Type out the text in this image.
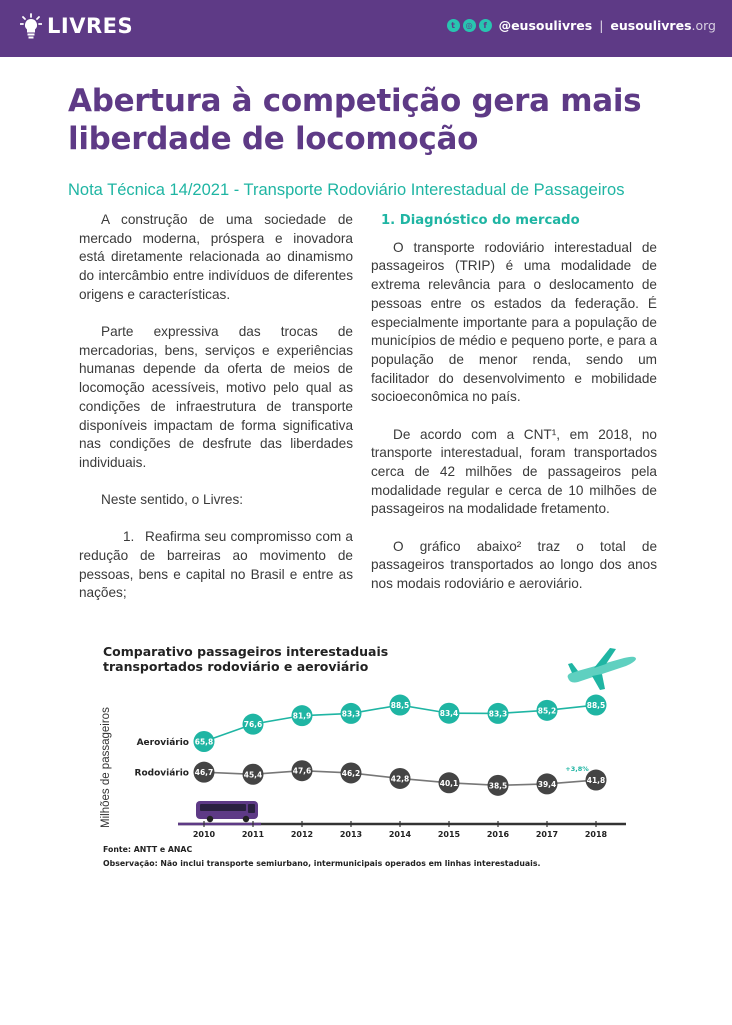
LIVRES	t	◎	f @eusoulivres | eusoulivres.org
Abertura à competição gera mais
liberdade de locomoção
Nota Técnica 14/2021 - Transporte Rodoviário Interestadual de Passageiros

A construção de uma sociedade de mercado moderna, próspera e inovadora está diretamente relacionada ao dinamismo do intercâmbio entre indivíduos de diferentes origens e características.

Parte expressiva das trocas de mercadorias, bens, serviços e experiências humanas depende da oferta de meios de locomoção acessíveis, motivo pelo qual as condições de infraestrutura de transporte disponíveis impactam de forma significativa nas condições de desfrute das liberdades individuais.

Neste sentido, o Livres:

1. Reafirma seu compromisso com a redução de barreiras ao movimento de pessoas, bens e capital no Brasil e entre as nações;

1. Diagnóstico do mercado

O transporte rodoviário interestadual de passageiros (TRIP) é uma modalidade de extrema relevância para o deslocamento de pessoas entre os estados da federação. É especialmente importante para a população de municípios de médio e pequeno porte, e para a população de menor renda, sendo um facilitador do desenvolvimento e mobilidade socioeconômica no país.

De acordo com a CNT¹, em 2018, no transporte interestadual, foram transportados cerca de 42 milhões de passageiros pela modalidade regular e cerca de 10 milhões de passageiros na modalidade fretamento.

O gráfico abaixo² traz o total de passageiros transportados ao longo dos anos nos modais rodoviário e aeroviário.

Comparativo passageiros interestaduais
transportados rodoviário e aeroviário
Milhões de passageiros
2010	2011	2012	2013	2014	2015	2016	2017	2018
65,8
76,6
81,9	83,3
88,5
83,4	83,3	85,2
88,5
Aeroviário
46,7	45,4	47,6	46,2
42,8	40,1	38,5	39,4	41,8
Rodoviário	+3,8%
Fonte: ANTT e ANAC
Observação: Não inclui transporte semiurbano, intermunicipais operados em linhas interestaduais.
